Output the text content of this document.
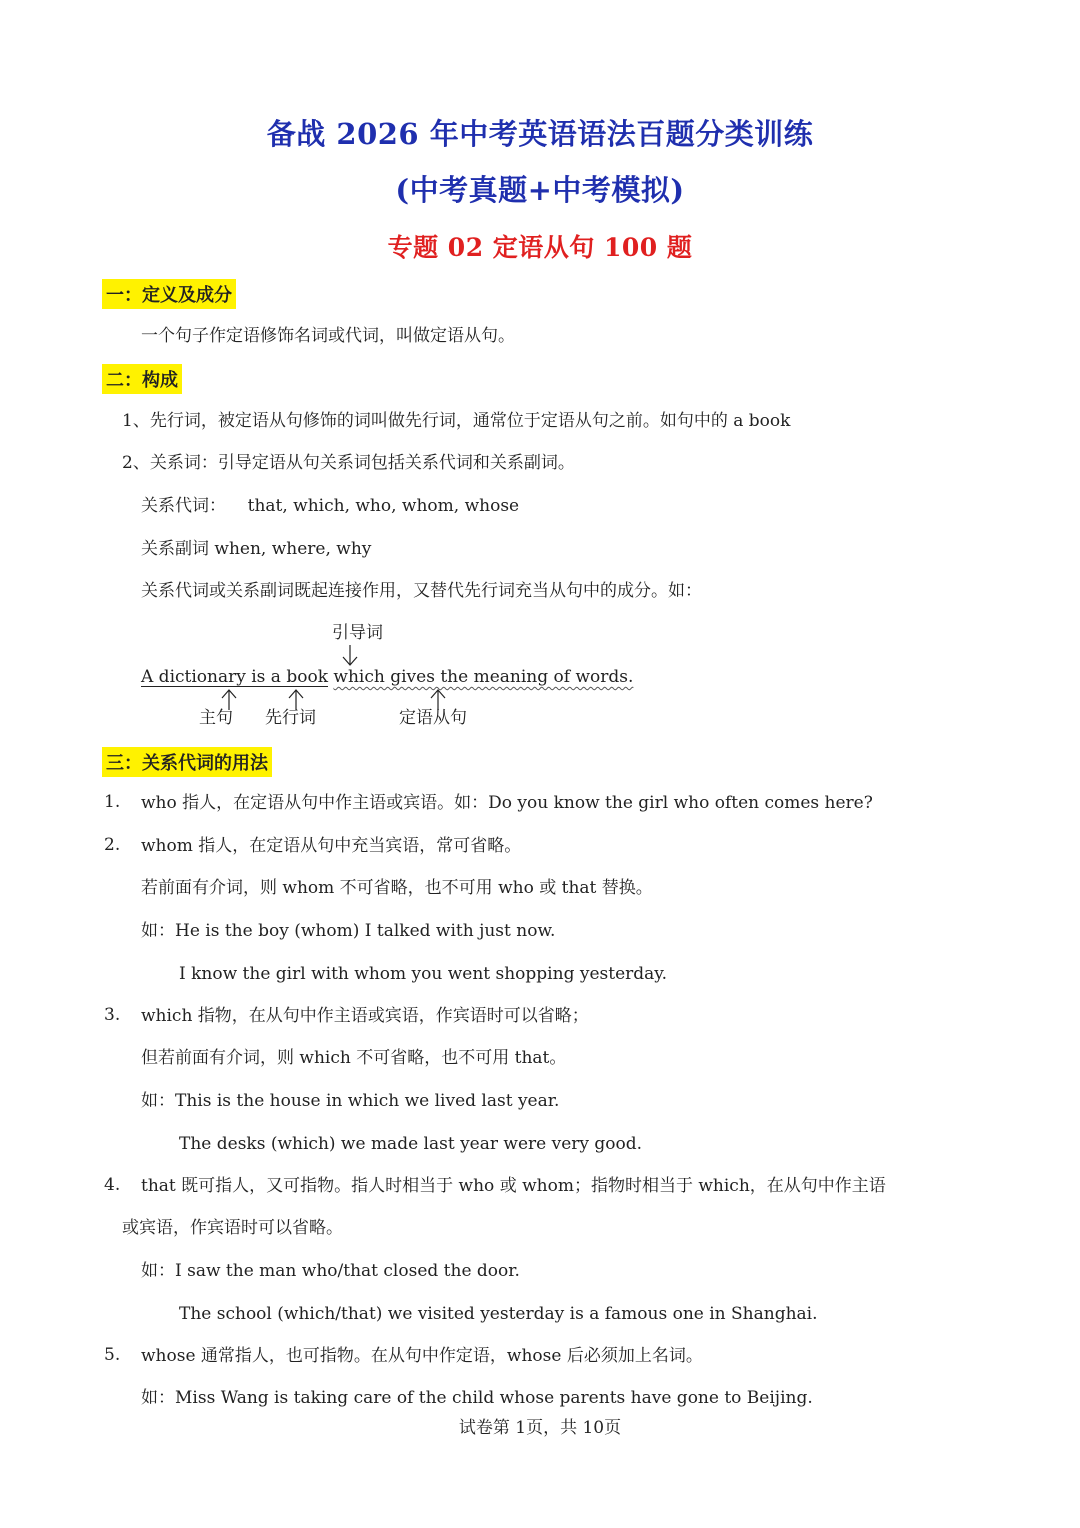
备战 2026 年中考英语语法百题分类训练
(中考真题+中考模拟)
专题 02 定语从句 100 题
一：定义及成分
一个句子作定语修饰名词或代词，叫做定语从句。
二：构成
1、先行词，被定语从句修饰的词叫做先行词，通常位于定语从句之前。如句中的 a book
2、关系词：引导定语从句关系词包括关系代词和关系副词。
关系代词：    that, which, who, whom, whose
关系副词 when, where, why
关系代词或关系副词既起连接作用，又替代先行词充当从句中的成分。如：
引导词
A dictionary is a book which gives the meaning of words.
主句 先行词	定语从句
三：关系代词的用法
1. who 指人，在定语从句中作主语或宾语。如：Do you know the girl who often comes here?
2. whom 指人，在定语从句中充当宾语，常可省略。
若前面有介词，则 whom 不可省略，也不可用 who 或 that 替换。
如：He is the boy (whom) I talked with just now.
I know the girl with whom you went shopping yesterday.
3. which 指物，在从句中作主语或宾语，作宾语时可以省略；
但若前面有介词，则 which 不可省略，也不可用 that。
如：This is the house in which we lived last year.
The desks (which) we made last year were very good.
4. that 既可指人，又可指物。指人时相当于 who 或 whom；指物时相当于 which，在从句中作主语
或宾语，作宾语时可以省略。
如：I saw the man who/that closed the door.
The school (which/that) we visited yesterday is a famous one in Shanghai.
5. whose 通常指人，也可指物。在从句中作定语，whose 后必须加上名词。
如：Miss Wang is taking care of the child whose parents have gone to Beijing.
试卷第 1页，共 10页
